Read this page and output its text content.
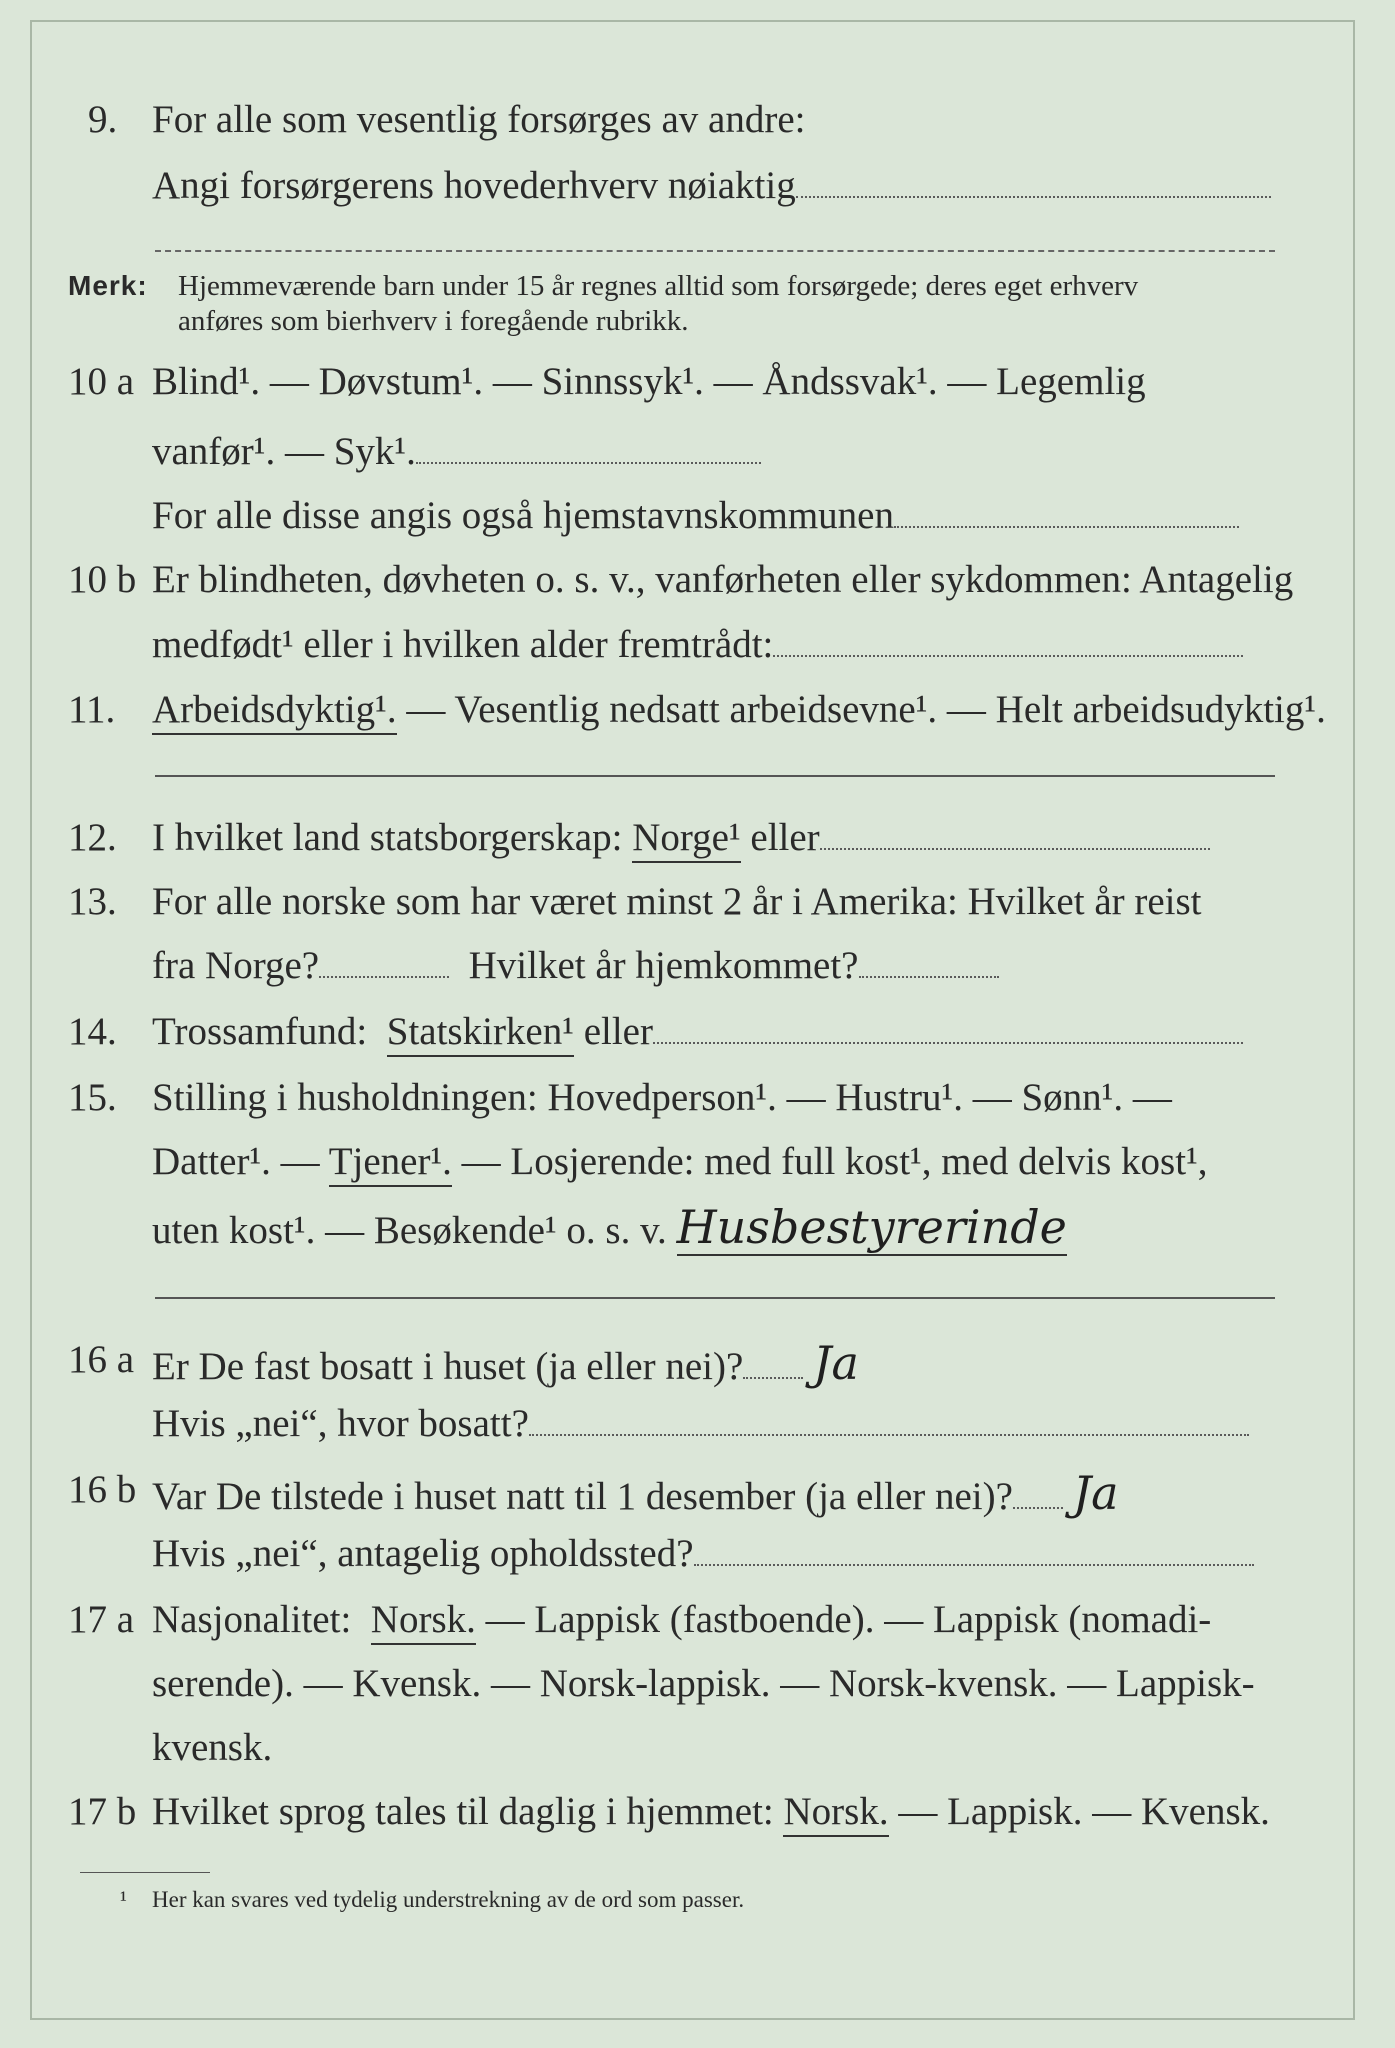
9. For alle som vesentlig forsørges av andre:
Angi forsørgerens hovederhverv nøiaktig
Merk: Hjemmeværende barn under 15 år regnes alltid som forsørgede; deres eget erhverv
anføres som bierhverv i foregående rubrikk.
10 a Blind¹. — Døvstum¹. — Sinnssyk¹. — Åndssvak¹. — Legemlig
vanfør¹. — Syk¹.
For alle disse angis også hjemstavnskommunen
10 b Er blindheten, døvheten o. s. v., vanførheten eller sykdommen: Antagelig
medfødt¹ eller i hvilken alder fremtrådt:
11. Arbeidsdyktig¹. — Vesentlig nedsatt arbeidsevne¹. — Helt arbeidsudyktig¹.
12. I hvilket land statsborgerskap: Norge¹ eller
13. For alle norske som har været minst 2 år i Amerika: Hvilket år reist
fra Norge?	Hvilket år hjemkommet?
14. Trossamfund: Statskirken¹ eller
15. Stilling i husholdningen: Hovedperson¹. — Hustru¹. — Sønn¹. —
Datter¹. — Tjener¹. — Losjerende: med full kost¹, med delvis kost¹,
uten kost¹. — Besøkende¹ o. s. v. Husbestyrerinde
16 a Er De fast bosatt i huset (ja eller nei)? Ja
Hvis „nei“, hvor bosatt?
16 b Var De tilstede i huset natt til 1 desember (ja eller nei)? Ja
Hvis „nei“, antagelig opholdssted?
17 a Nasjonalitet: Norsk. — Lappisk (fastboende). — Lappisk (nomadi-
serende). — Kvensk. — Norsk-lappisk. — Norsk-kvensk. — Lappisk-
kvensk.
17 b Hvilket sprog tales til daglig i hjemmet: Norsk. — Lappisk. — Kvensk.
¹ Her kan svares ved tydelig understrekning av de ord som passer.
